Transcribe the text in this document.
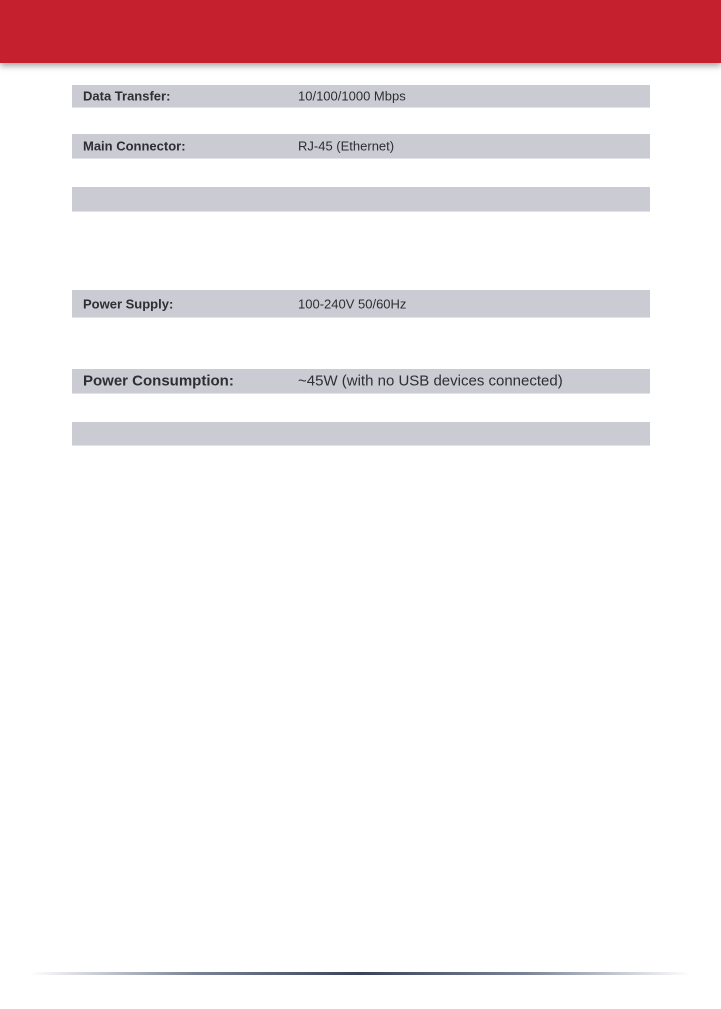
Data Transfer:	10/100/1000 Mbps
Main Connector:	RJ-45 (Ethernet)
Power Supply:	100-240V 50/60Hz
Power Consumption:	~45W (with no USB devices connected)
